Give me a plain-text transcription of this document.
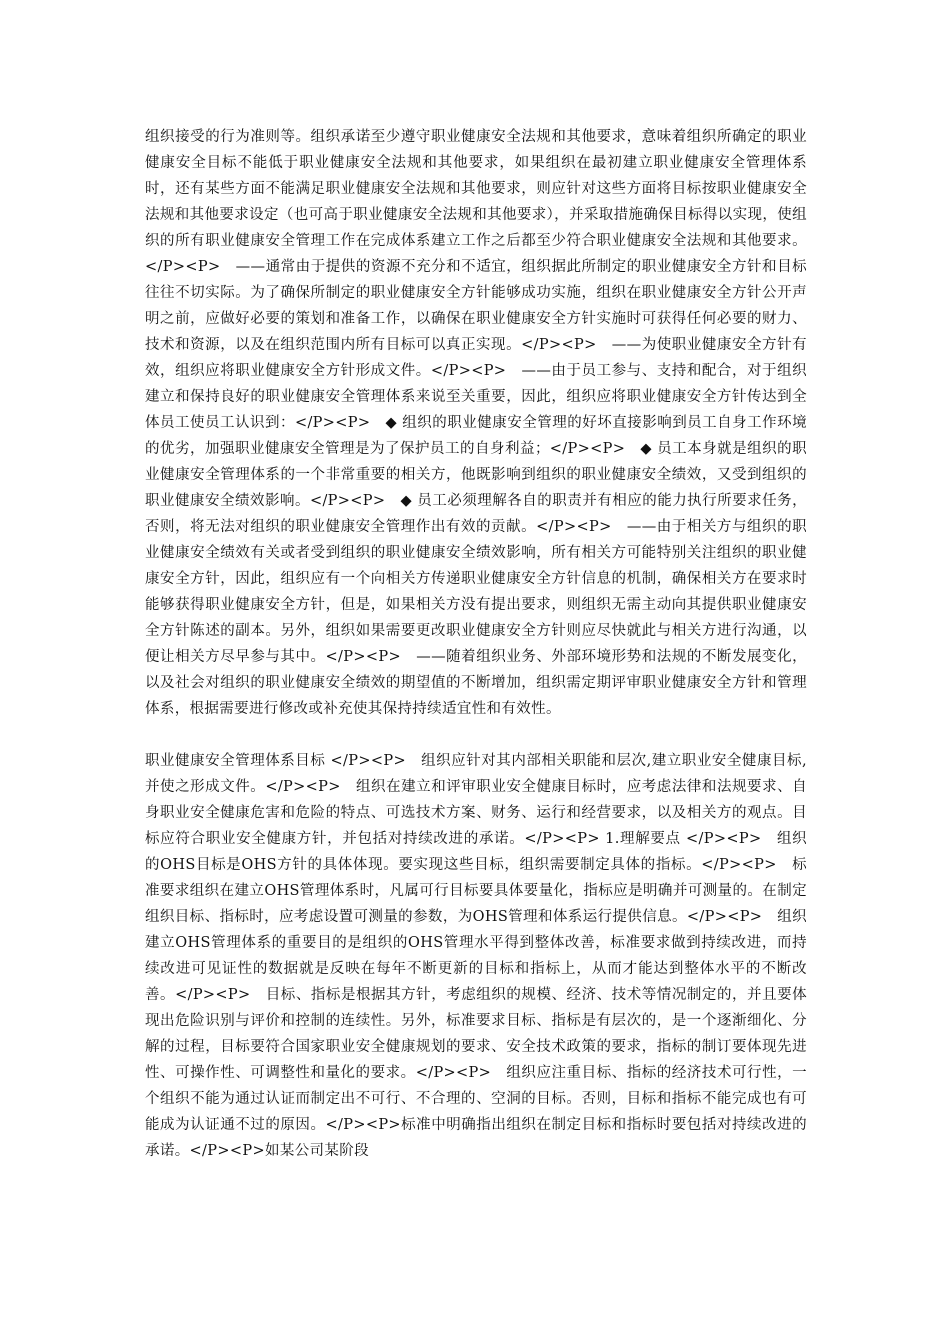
组织接受的行为准则等。组织承诺至少遵守职业健康安全法规和其他要求，意味着组织所确定的职业健康安全目标不能低于职业健康安全法规和其他要求，如果组织在最初建立职业健康安全管理体系时，还有某些方面不能满足职业健康安全法规和其他要求，则应针对这些方面将目标按职业健康安全法规和其他要求设定（也可高于职业健康安全法规和其他要求），并采取措施确保目标得以实现，使组织的所有职业健康安全管理工作在完成体系建立工作之后都至少符合职业健康安全法规和其他要求。</P><P>　——通常由于提供的资源不充分和不适宜，组织据此所制定的职业健康安全方针和目标往往不切实际。为了确保所制定的职业健康安全方针能够成功实施，组织在职业健康安全方针公开声明之前，应做好必要的策划和准备工作，以确保在职业健康安全方针实施时可获得任何必要的财力、技术和资源，以及在组织范围内所有目标可以真正实现。</P><P>　——为使职业健康安全方针有效，组织应将职业健康安全方针形成文件。</P><P>　——由于员工参与、支持和配合，对于组织建立和保持良好的职业健康安全管理体系来说至关重要，因此，组织应将职业健康安全方针传达到全体员工使员工认识到：</P><P>　◆ 组织的职业健康安全管理的好坏直接影响到员工自身工作环境的优劣，加强职业健康安全管理是为了保护员工的自身利益；</P><P>　◆ 员工本身就是组织的职业健康安全管理体系的一个非常重要的相关方，他既影响到组织的职业健康安全绩效，又受到组织的职业健康安全绩效影响。</P><P>　◆ 员工必须理解各自的职责并有相应的能力执行所要求任务，否则，将无法对组织的职业健康安全管理作出有效的贡献。</P><P>　——由于相关方与组织的职业健康安全绩效有关或者受到组织的职业健康安全绩效影响，所有相关方可能特别关注组织的职业健康安全方针，因此，组织应有一个向相关方传递职业健康安全方针信息的机制，确保相关方在要求时能够获得职业健康安全方针，但是，如果相关方没有提出要求，则组织无需主动向其提供职业健康安全方针陈述的副本。另外，组织如果需要更改职业健康安全方针则应尽快就此与相关方进行沟通，以便让相关方尽早参与其中。</P><P>　——随着组织业务、外部环境形势和法规的不断发展变化，以及社会对组织的职业健康安全绩效的期望值的不断增加，组织需定期评审职业健康安全方针和管理体系，根据需要进行修改或补充使其保持持续适宜性和有效性。

职业健康安全管理体系目标 </P><P>　组织应针对其内部相关职能和层次,建立职业安全健康目标,并使之形成文件。</P><P>　组织在建立和评审职业安全健康目标时，应考虑法律和法规要求、自身职业安全健康危害和危险的特点、可选技术方案、财务、运行和经营要求，以及相关方的观点。目标应符合职业安全健康方针，并包括对持续改进的承诺。</P><P> 1.理解要点 </P><P>　组织的OHS目标是OHS方针的具体体现。要实现这些目标，组织需要制定具体的指标。</P><P>　标准要求组织在建立OHS管理体系时，凡属可行目标要具体要量化，指标应是明确并可测量的。在制定组织目标、指标时，应考虑设置可测量的参数，为OHS管理和体系运行提供信息。</P><P>　组织建立OHS管理体系的重要目的是组织的OHS管理水平得到整体改善，标准要求做到持续改进，而持续改进可见证性的数据就是反映在每年不断更新的目标和指标上，从而才能达到整体水平的不断改善。</P><P>　目标、指标是根据其方针，考虑组织的规模、经济、技术等情况制定的，并且要体现出危险识别与评价和控制的连续性。另外，标准要求目标、指标是有层次的，是一个逐渐细化、分解的过程，目标要符合国家职业安全健康规划的要求、安全技术政策的要求，指标的制订要体现先进性、可操作性、可调整性和量化的要求。</P><P>　组织应注重目标、指标的经济技术可行性，一个组织不能为通过认证而制定出不可行、不合理的、空洞的目标。否则，目标和指标不能完成也有可能成为认证通不过的原因。</P><P>标准中明确指出组织在制定目标和指标时要包括对持续改进的承诺。</P><P>如某公司某阶段
